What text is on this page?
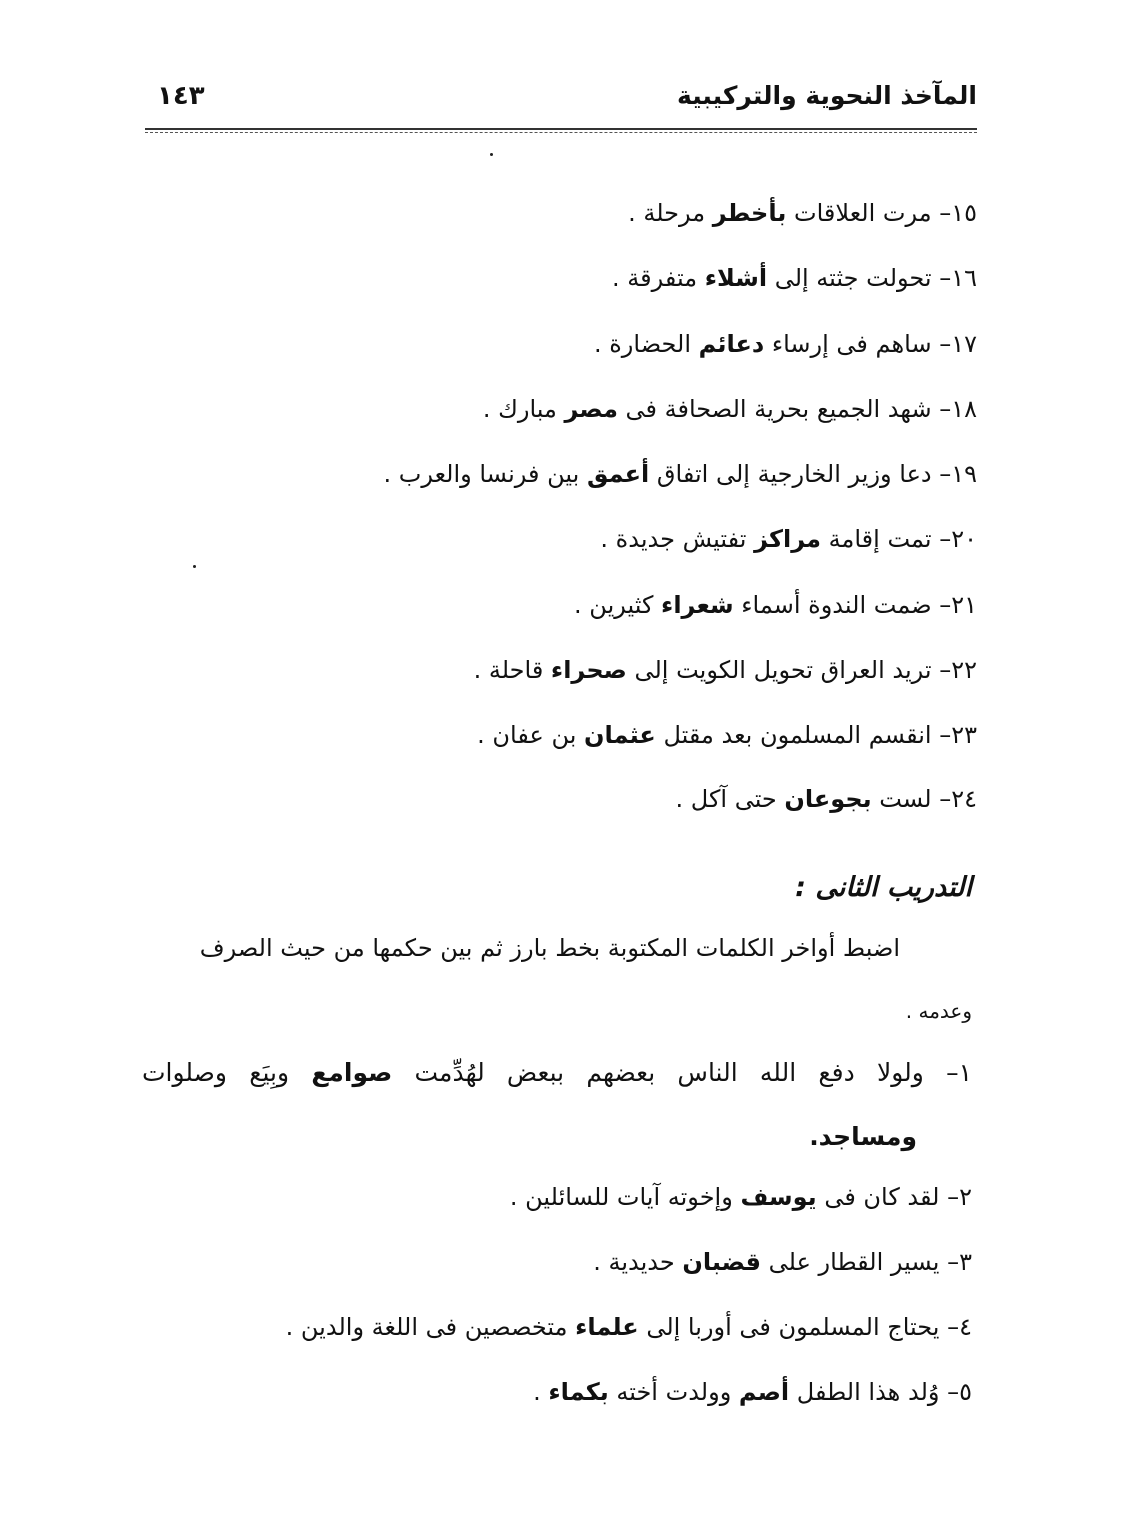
المآخذ النحوية والتركيبية
١٤٣
١٥– مرت العلاقات بأخطر مرحلة .
١٦– تحولت جثته إلى أشلاء متفرقة .
١٧– ساهم فى إرساء دعائم الحضارة .
١٨– شهد الجميع بحرية الصحافة فى مصر مبارك .
١٩– دعا وزير الخارجية إلى اتفاق أعمق بين فرنسا والعرب .
٢٠– تمت إقامة مراكز تفتيش جديدة .
٢١– ضمت الندوة أسماء شعراء كثيرين .
٢٢– تريد العراق تحويل الكويت إلى صحراء قاحلة .
٢٣– انقسم المسلمون بعد مقتل عثمان بن عفان .
٢٤– لست بجوعان حتى آكل .
التدريب الثانى :
اضبط أواخر الكلمات المكتوبة بخط بارز ثم بين حكمها من حيث الصرف
وعدمه .
١– ولولا دفع الله الناس بعضهم ببعض لهُدِّمت صوامع وبِيَع وصلوات
ومساجد.
٢– لقد كان فى يوسف وإخوته آيات للسائلين .
٣– يسير القطار على قضبان حديدية .
٤– يحتاج المسلمون فى أوربا إلى علماء متخصصين فى اللغة والدين .
٥– وُلد هذا الطفل أصم وولدت أخته بكماء .
